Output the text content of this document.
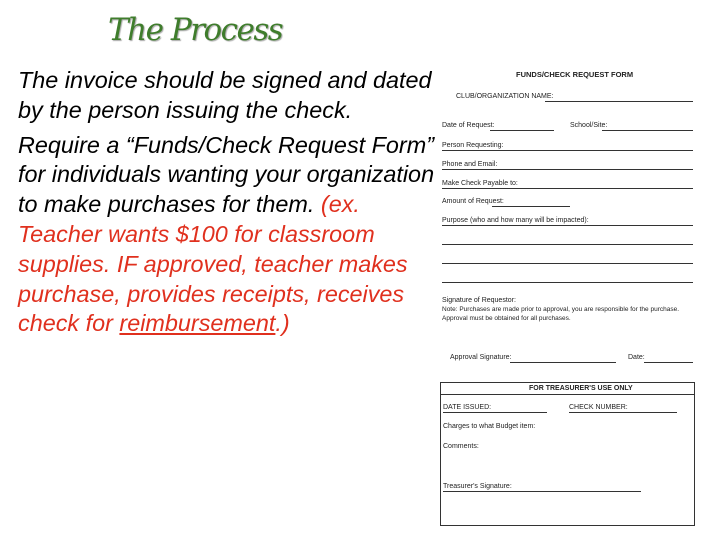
The Process

The invoice should be signed and dated by the person issuing the check.

Require a “Funds/Check Request Form” for individuals wanting your organization to make purchases for them. (ex. Teacher wants $100 for classroom supplies. IF approved, teacher makes purchase, provides receipts, receives check for reimbursement.)

FUNDS/CHECK REQUEST FORM
CLUB/ORGANIZATION NAME:
Date of Request:	School/Site:
Person Requesting:
Phone and Email:
Make Check Payable to:
Amount of Request:
Purpose (who and how many will be impacted):
Signature of Requestor:
Note: Purchases are made prior to approval, you are responsible for the purchase. Approval must be obtained for all purchases.
Approval Signature:	Date:
FOR TREASURER'S USE ONLY
DATE ISSUED:	CHECK NUMBER:
Charges to what Budget item:
Comments:
Treasurer's Signature:
